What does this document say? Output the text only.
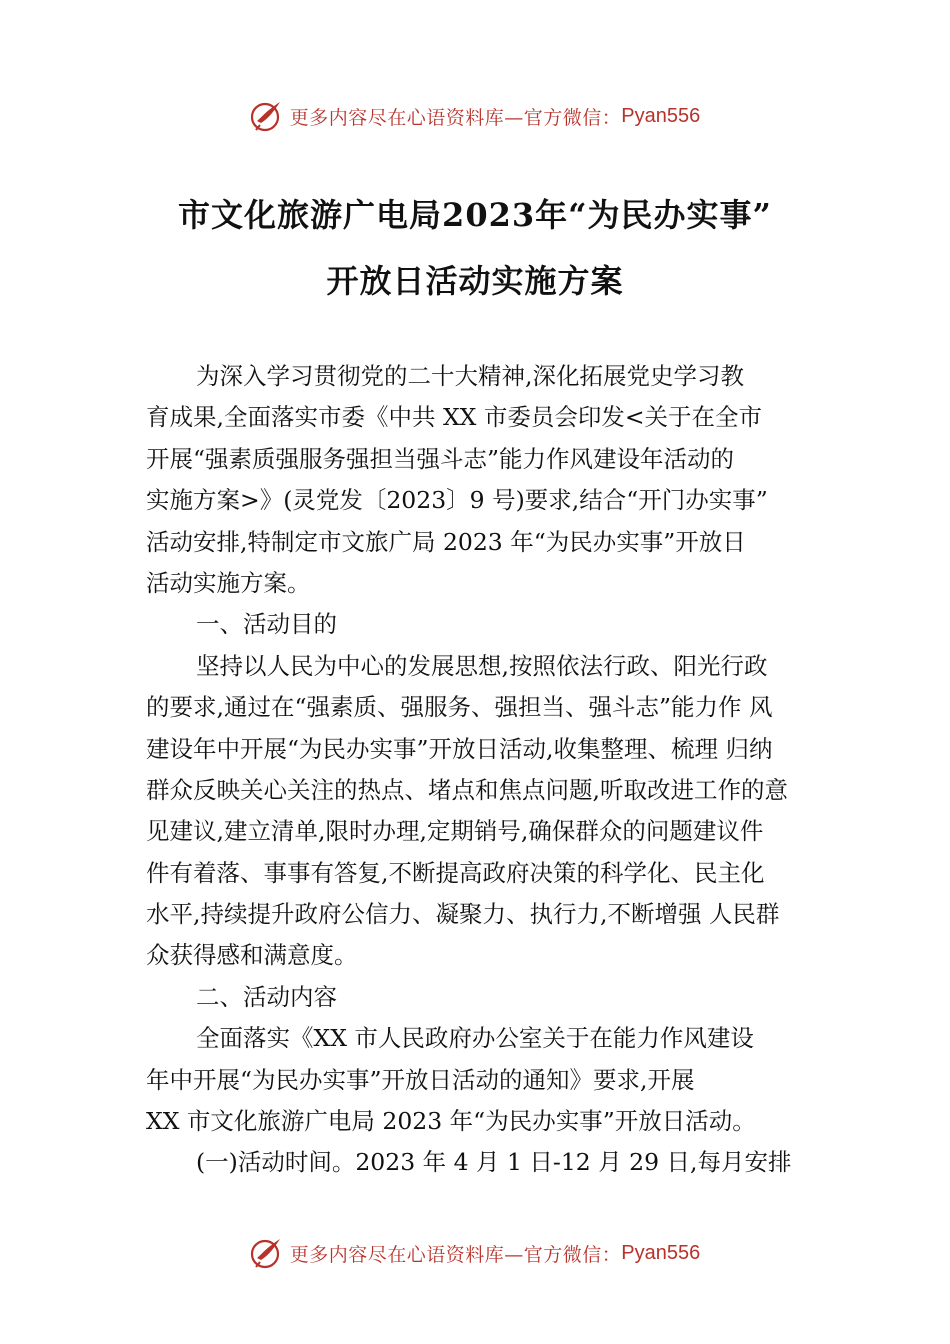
更多内容尽在心语资料库—官方微信： Pyan556
市文化旅游广电局2023年“为民办实事”
开放日活动实施方案
为深入学习贯彻党的二十大精神,深化拓展党史学习教
育成果,全面落实市委《中共 XX 市委员会印发<关于在全市
开展“强素质强服务强担当强斗志”能力作风建设年活动的
实施方案>》(灵党发〔2023〕9 号)要求,结合“开门办实事”
活动安排,特制定市文旅广局 2023 年“为民办实事”开放日
活动实施方案。
一、活动目的
坚持以人民为中心的发展思想,按照依法行政、阳光行政
的要求,通过在“强素质、强服务、强担当、强斗志”能力作 风
建设年中开展“为民办实事”开放日活动,收集整理、梳理 归纳
群众反映关心关注的热点、堵点和焦点问题,听取改进工作的意
见建议,建立清单,限时办理,定期销号,确保群众的问题建议件
件有着落、事事有答复,不断提高政府决策的科学化、民主化
水平,持续提升政府公信力、凝聚力、执行力,不断增强 人民群
众获得感和满意度。
二、活动内容
全面落实《XX 市人民政府办公室关于在能力作风建设
年中开展“为民办实事”开放日活动的通知》要求,开展
XX 市文化旅游广电局 2023 年“为民办实事”开放日活动。
(一)活动时间。2023 年 4 月 1 日-12 月 29 日,每月安排
更多内容尽在心语资料库—官方微信： Pyan556
